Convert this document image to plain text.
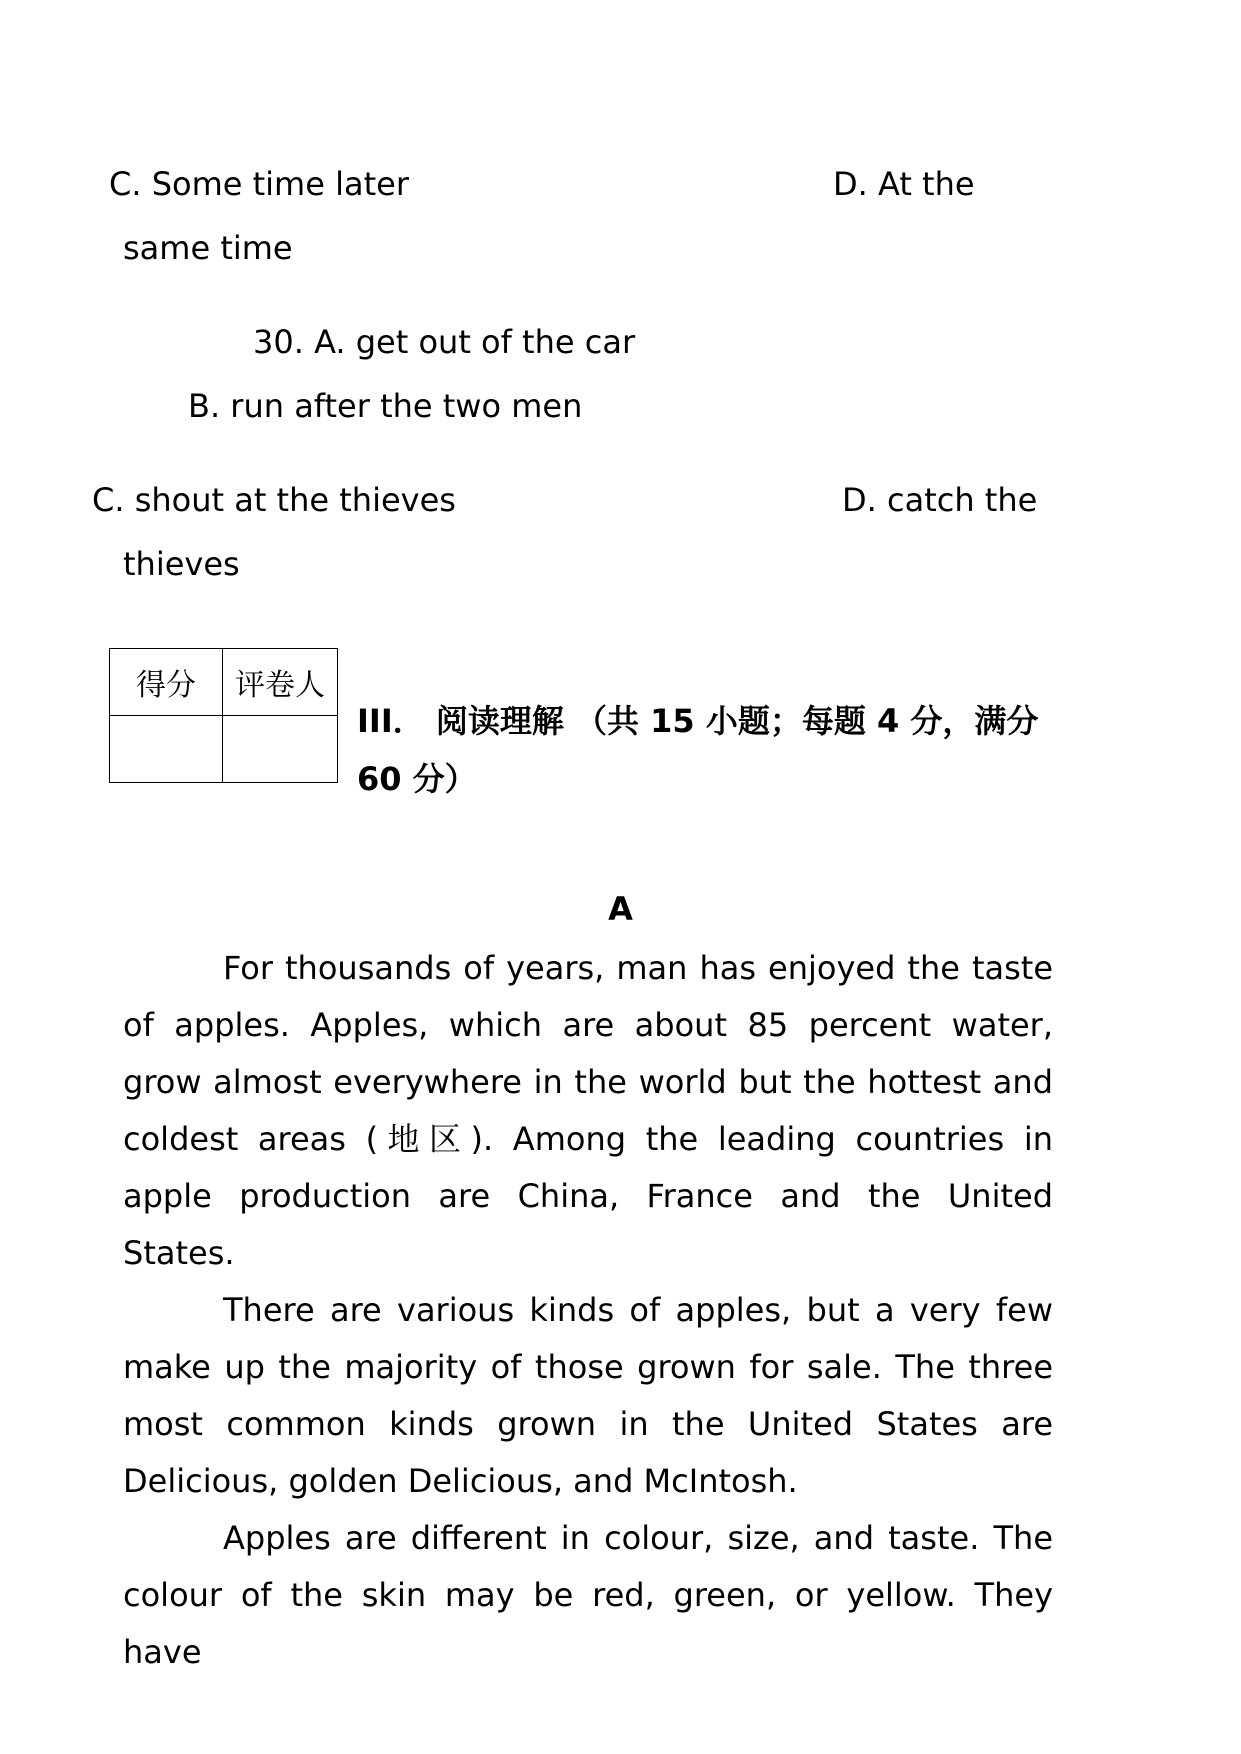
C. Some time later	D. At the
same time
30. A. get out of the car
B. run after the two men
C. shout at the thieves	D. catch the
thieves
得分	评卷人

III． 阅读理解 （共 15 小题；每题 4 分，满分 60 分）
A

For thousands of years, man has enjoyed the taste of apples. Apples, which are about 85 percent water, grow almost everywhere in the world but the hottest and coldest areas (地区). Among the leading countries in apple production are China, France and the United States.

There are various kinds of apples, but a very few make up the majority of those grown for sale. The three most common kinds grown in the United States are Delicious, golden Delicious, and McIntosh.

Apples are different in colour, size, and taste. The colour of the skin may be red, green, or yellow. They have
